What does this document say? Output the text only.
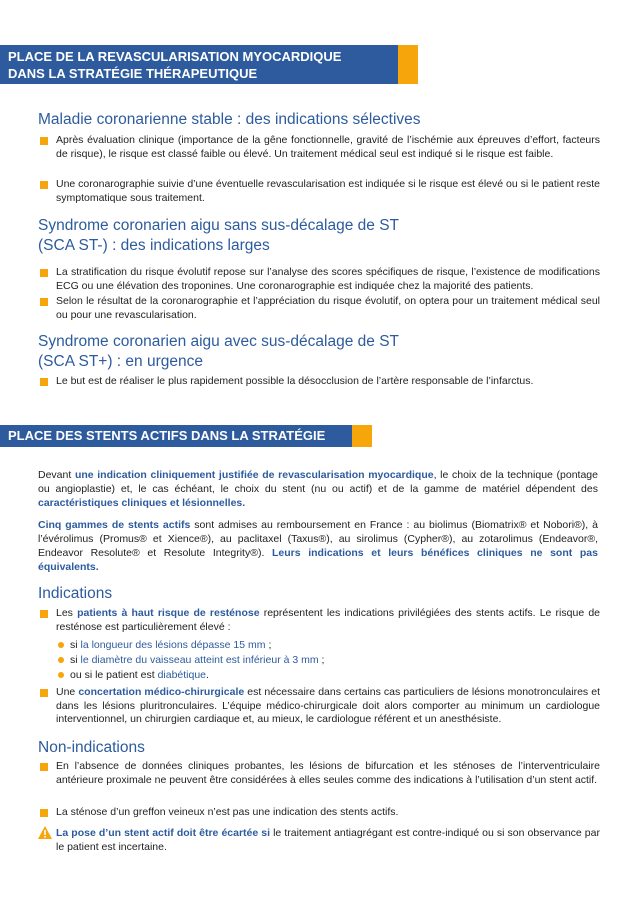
PLACE DE LA REVASCULARISATION MYOCARDIQUE
DANS LA STRATÉGIE THÉRAPEUTIQUE
Maladie coronarienne stable : des indications sélectives
Après évaluation clinique (importance de la gêne fonctionnelle, gravité de l’ischémie aux épreuves d’effort, facteurs de risque), le risque est classé faible ou élevé. Un traitement médical seul est indiqué si le risque est faible.
Une coronarographie suivie d’une éventuelle revascularisation est indiquée si le risque est élevé ou si le patient reste symptomatique sous traitement.
Syndrome coronarien aigu sans sus-décalage de ST
(SCA ST-) : des indications larges
La stratification du risque évolutif repose sur l’analyse des scores spécifiques de risque, l’existence de modifications ECG ou une élévation des troponines. Une coronarographie est indiquée chez la majorité des patients.
Selon le résultat de la coronarographie et l’appréciation du risque évolutif, on optera pour un traitement médical seul ou pour une revascularisation.
Syndrome coronarien aigu avec sus-décalage de ST
(SCA ST+) : en urgence
Le but est de réaliser le plus rapidement possible la désocclusion de l’artère responsable de l’infarctus.
PLACE DES STENTS ACTIFS DANS LA STRATÉGIE
Devant une indication cliniquement justifiée de revascularisation myocardique, le choix de la technique (pontage ou angioplastie) et, le cas échéant, le choix du stent (nu ou actif) et de la gamme de matériel dépendent des caractéristiques cliniques et lésionnelles.
Cinq gammes de stents actifs sont admises au remboursement en France : au biolimus (Biomatrix® et Nobori®), à l’évérolimus (Promus® et Xience®), au paclitaxel (Taxus®), au sirolimus (Cypher®), au zotarolimus (Endeavor®, Endeavor Resolute® et Resolute Integrity®). Leurs indications et leurs bénéfices cliniques ne sont pas équivalents.
Indications
Les patients à haut risque de resténose représentent les indications privilégiées des stents actifs. Le risque de resténose est particulièrement élevé :
si la longueur des lésions dépasse 15 mm ;
si le diamètre du vaisseau atteint est inférieur à 3 mm ;
ou si le patient est diabétique.
Une concertation médico-chirurgicale est nécessaire dans certains cas particuliers de lésions monotronculaires et dans les lésions pluritronculaires. L’équipe médico-chirurgicale doit alors comporter au minimum un cardiologue interventionnel, un chirurgien cardiaque et, au mieux, le cardiologue référent et un anesthésiste.
Non-indications
En l’absence de données cliniques probantes, les lésions de bifurcation et les sténoses de l’interventriculaire antérieure proximale ne peuvent être considérées à elles seules comme des indications à l’utilisation d’un stent actif.
La sténose d’un greffon veineux n’est pas une indication des stents actifs.
La pose d’un stent actif doit être écartée si le traitement antiagrégant est contre-indiqué ou si son observance par le patient est incertaine.
